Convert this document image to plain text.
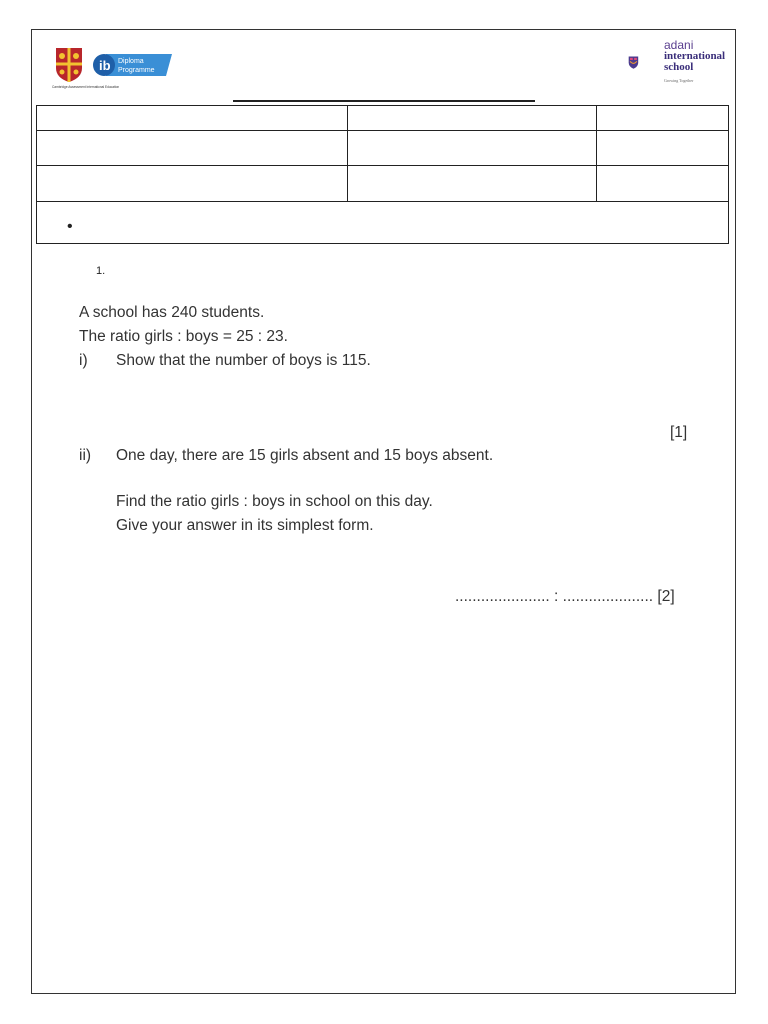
Cambridge Assessment International Education
ib Diploma
Programme
adani
international
school
Growing Together

•		
1.
A school has 240 students.
The ratio girls : boys = 25 : 23.
i) Show that the number of boys is 115.
[1]
ii) One day, there are 15 girls absent and 15 boys absent.
Find the ratio girls : boys in school on this day.
Give your answer in its simplest form.
...................... : ..................... [2]
